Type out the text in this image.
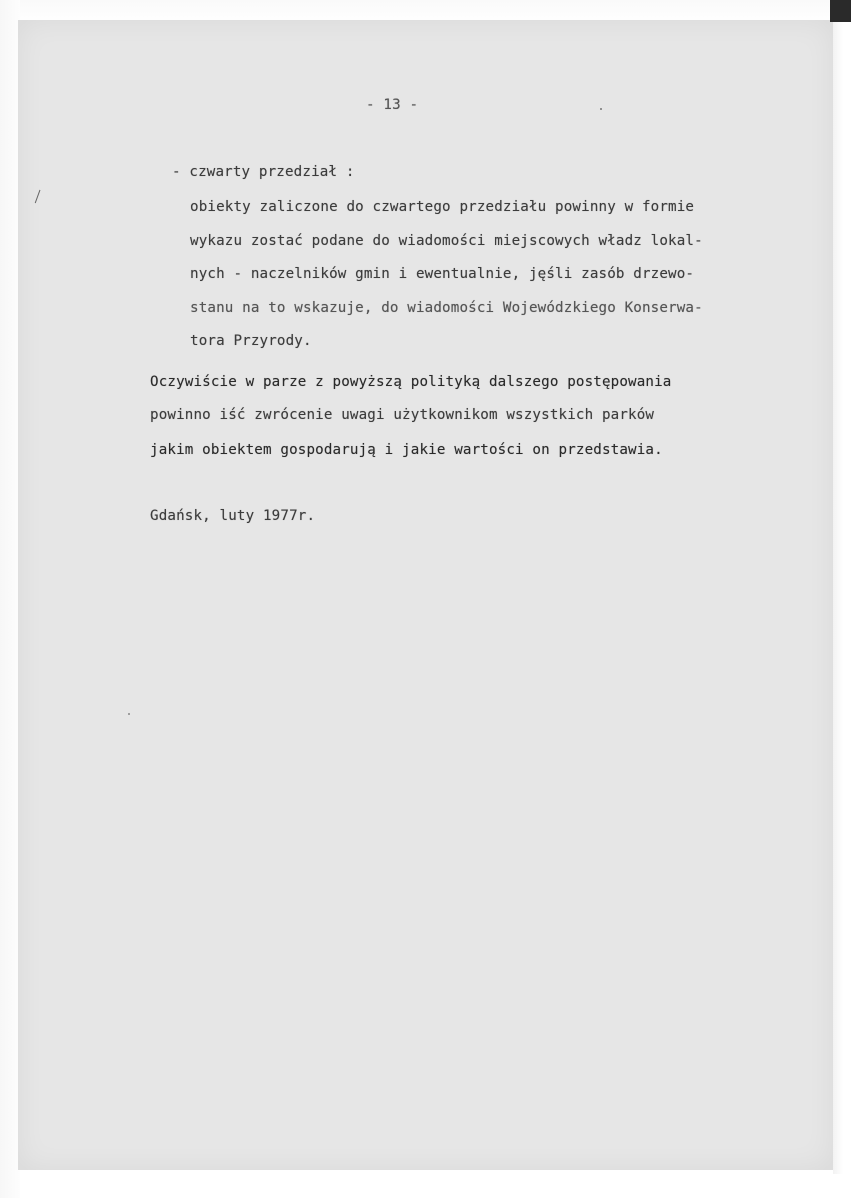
- 13 -
- czwarty przedział :
obiekty zaliczone do czwartego przedziału powinny w formie
wykazu zostać podane do wiadomości miejscowych władz lokal-
nych - naczelników gmin i ewentualnie, jęśli zasób drzewo-
stanu na to wskazuje, do wiadomości Wojewódzkiego Konserwa-
tora Przyrody.
Oczywiście w parze z powyższą polityką dalszego postępowania
powinno iść zwrócenie uwagi użytkownikom wszystkich parków
jakim obiektem gospodarują i jakie wartości on przedstawia.
Gdańsk, luty 1977r.
